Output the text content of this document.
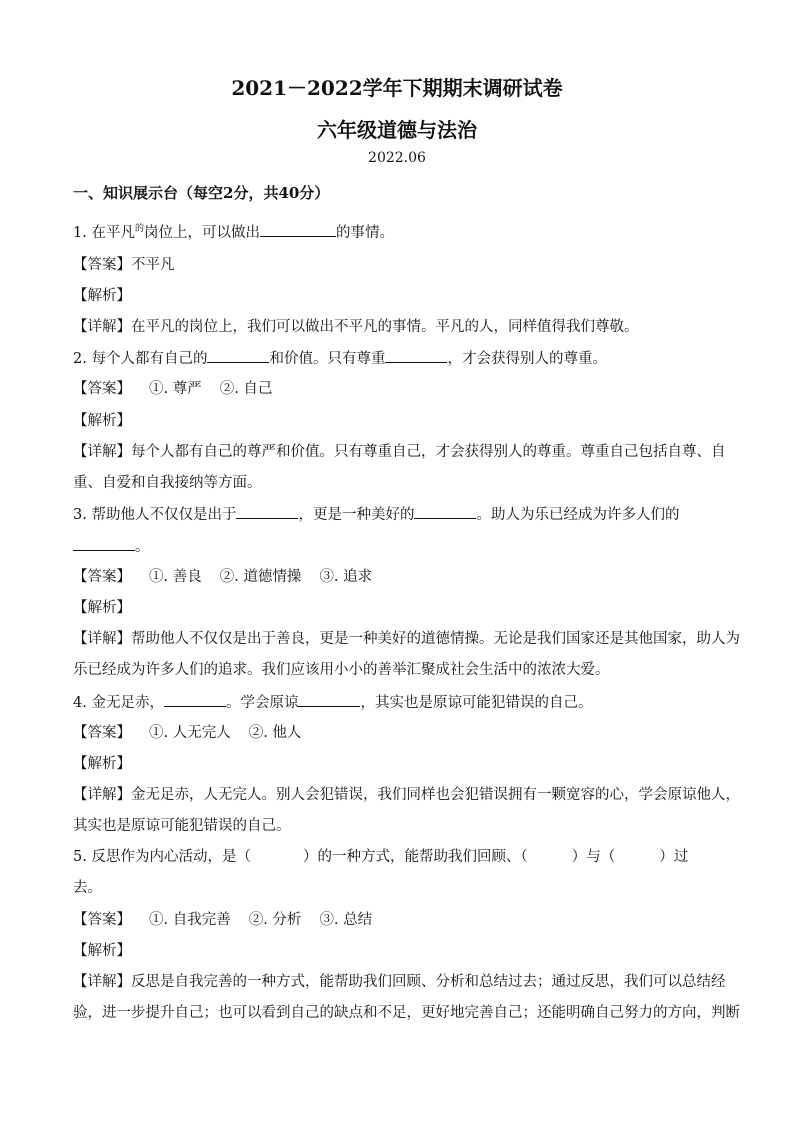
2021－2022学年下期期末调研试卷
六年级道德与法治
2022.06
一、知识展示台（每空2分，共40分）
1. 在平凡$^的$岗位上，可以做出	的事情。
【答案】不平凡
【解析】
【详解】在平凡的岗位上，我们可以做出不平凡的事情。平凡的人，同样值得我们尊敬。
2. 每个人都有自己的	和价值。只有尊重	，才会获得别人的尊重。
【答案】 ①. 尊严 ②. 自己
【解析】
【详解】每个人都有自己的尊严和价值。只有尊重自己，才会获得别人的尊重。尊重自己包括自尊、自
重、自爱和自我接纳等方面。
3. 帮助他人不仅仅是出于	，更是一种美好的	。助人为乐已经成为许多人们的
。
【答案】 ①. 善良 ②. 道德情操 ③. 追求
【解析】
【详解】帮助他人不仅仅是出于善良，更是一种美好的道德情操。无论是我们国家还是其他国家，助人为
乐已经成为许多人们的追求。我们应该用小小的善举汇聚成社会生活中的浓浓大爱。
4. 金无足赤，	。学会原谅	，其实也是原谅可能犯错误的自己。
【答案】 ①. 人无完人 ②. 他人
【解析】
【详解】金无足赤，人无完人。别人会犯错误，我们同样也会犯错误拥有一颗宽容的心，学会原谅他人，
其实也是原谅可能犯错误的自己。
5. 反思作为内心活动，是（	）的一种方式，能帮助我们回顾、（	）与（	）过
去。
【答案】 ①. 自我完善 ②. 分析 ③. 总结
【解析】
【详解】反思是自我完善的一种方式，能帮助我们回顾、分析和总结过去；通过反思，我们可以总结经
验，进一步提升自己；也可以看到自己的缺点和不足，更好地完善自己；还能明确自己努力的方向，判断
